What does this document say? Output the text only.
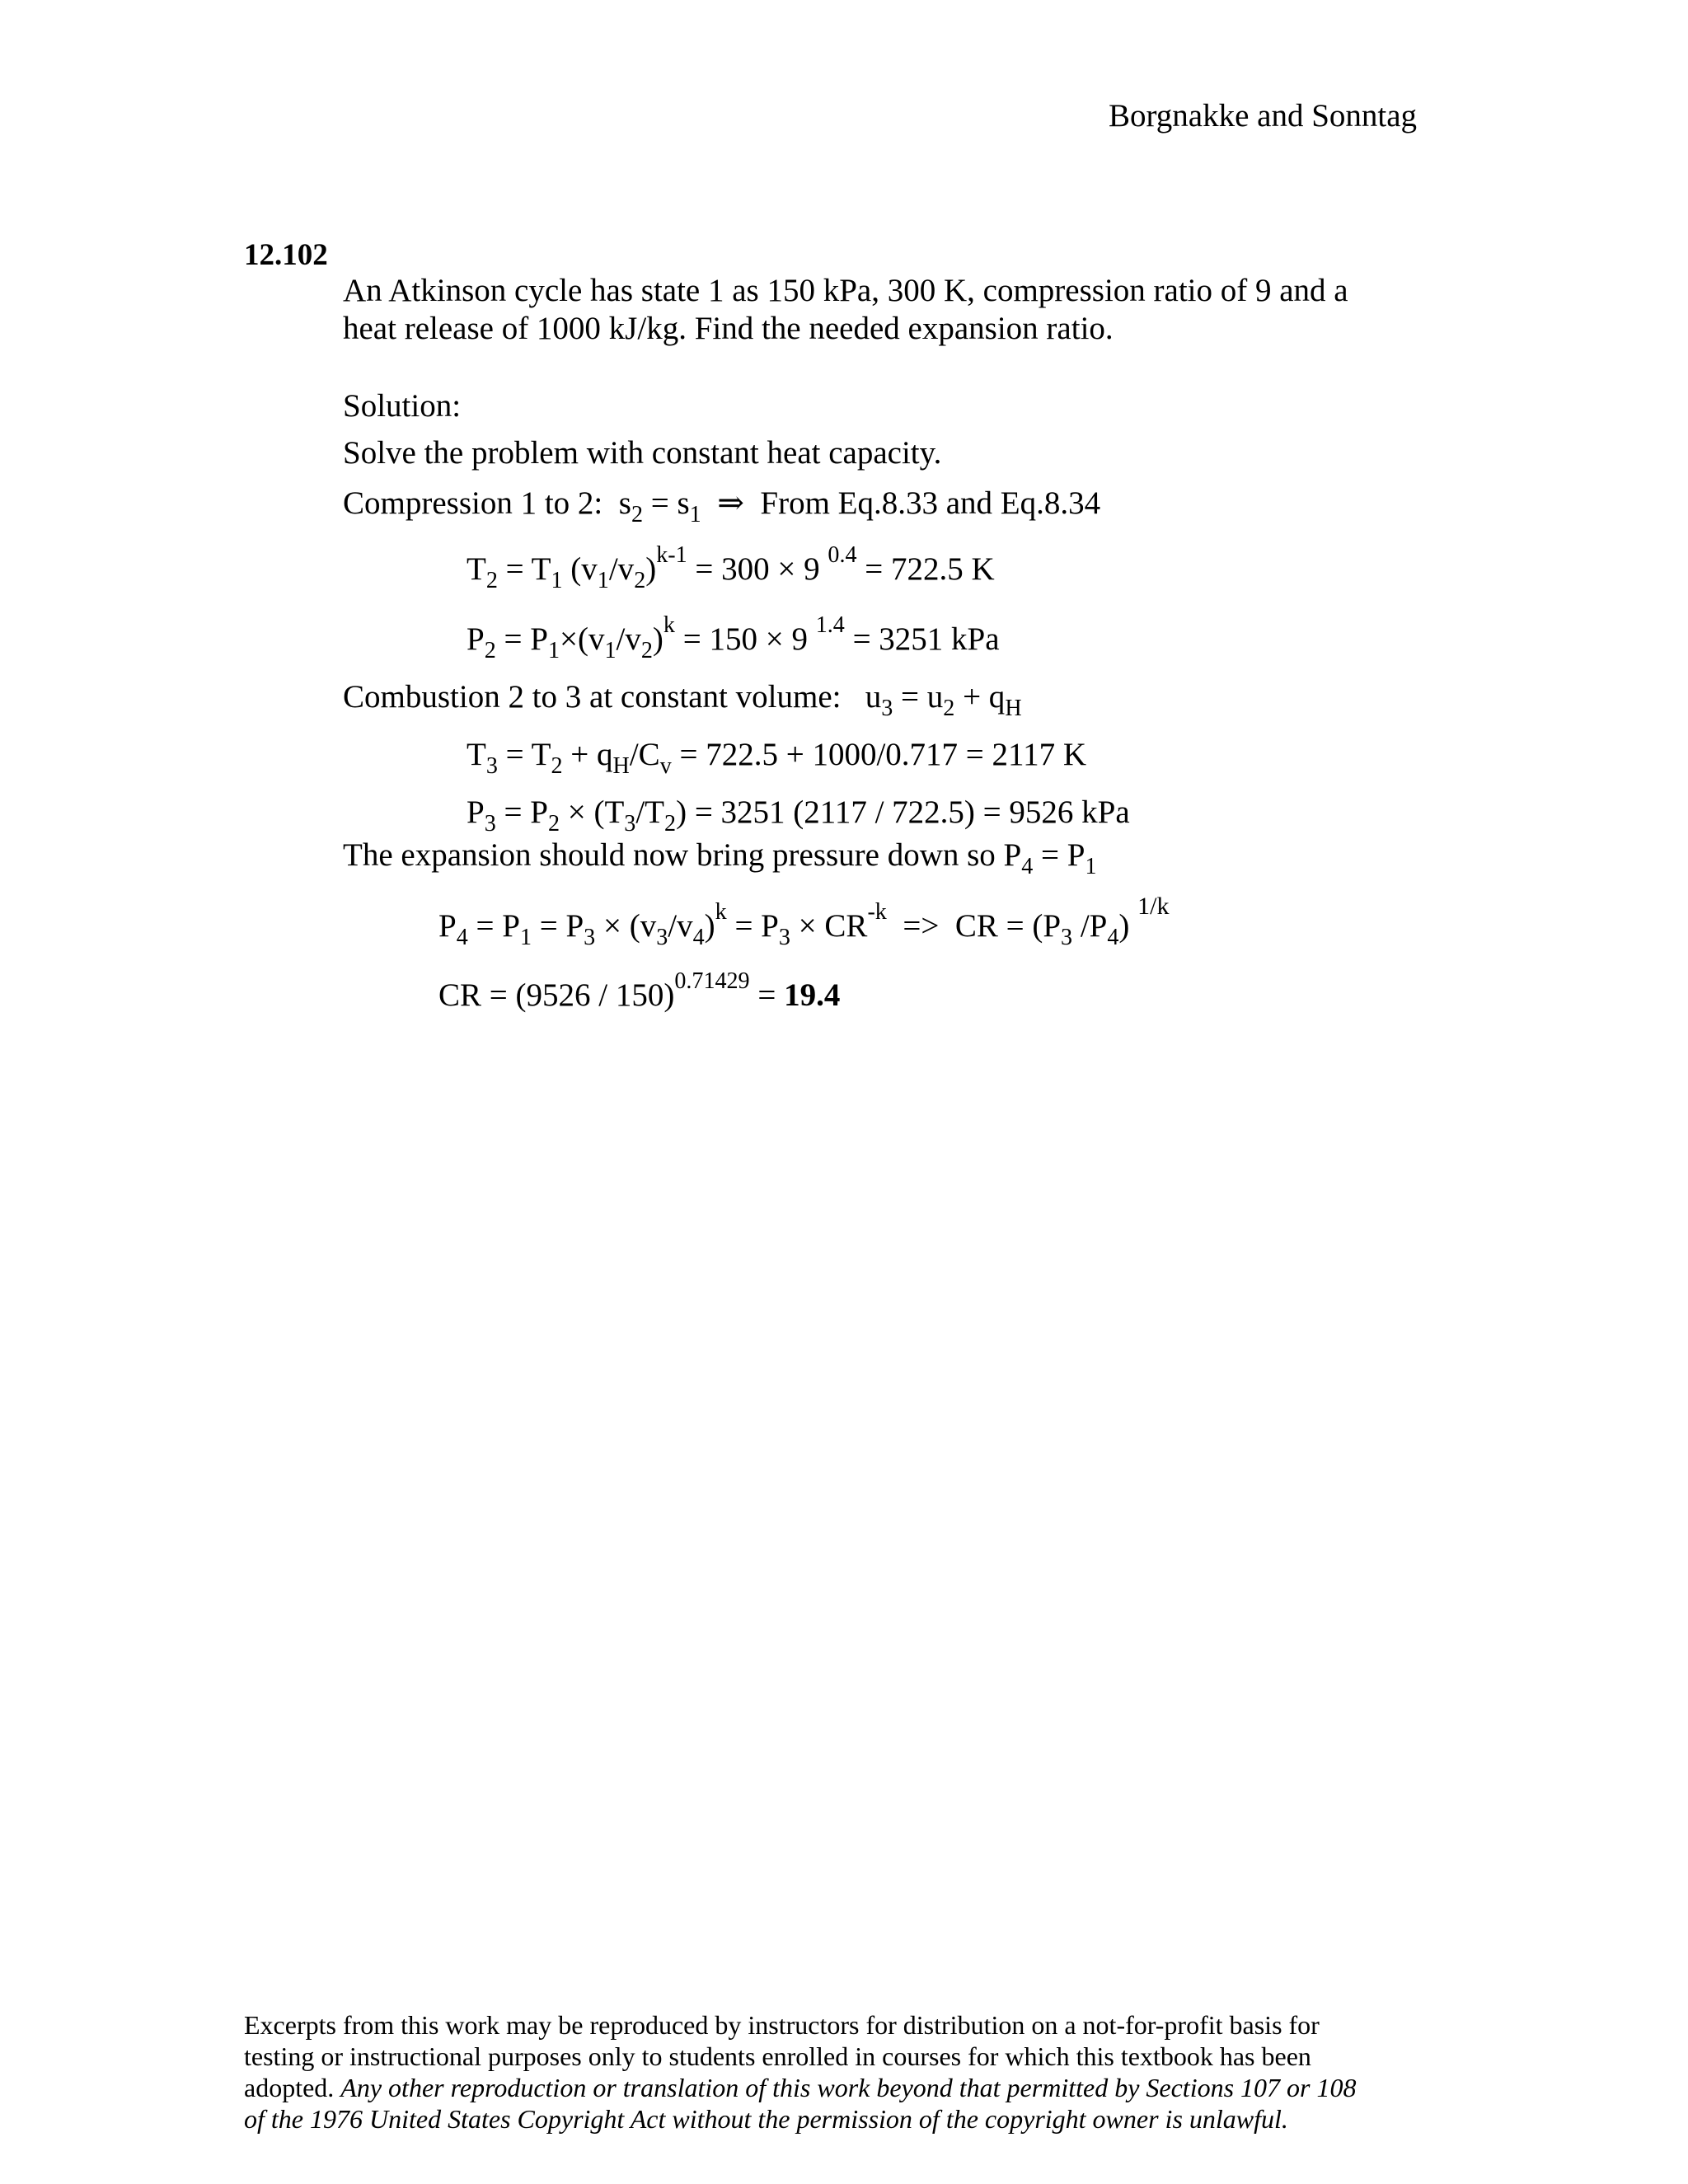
Borgnakke and Sonntag
12.102
An Atkinson cycle has state 1 as 150 kPa, 300 K, compression ratio of 9 and a
heat release of 1000 kJ/kg. Find the needed expansion ratio.
Solution:
Solve the problem with constant heat capacity.
Compression 1 to 2:  $s_2 = s_1$  ⇒  From Eq.8.33 and Eq.8.34
$T_2 = T_1$ $(v_1/v_2)^{k-1} = 300 \times 9$ $^{0.4}$ = 722.5 K
$P_2 = P_1\times(v_1/v_2)^k = 150 \times 9$ $^{1.4}$ = 3251 kPa
Combustion 2 to 3 at constant volume:   $u_3 = u_2 + q_H$
$T_3 = T_2 + q_H/C_v = 722.5 + 1000/0.717 = 2117$ K
$P_3 = P_2 \times (T_3/T_2) = 3251$ (2117 / 722.5) = 9526 kPa
The expansion should now bring pressure down so $P_4 = P_1$
$P_4 = P_1 = P_3 \times (v_3/v_4)^k = P_3 \times CR^{-k}$  =>  CR = ($P_3$ $/P_4$) $^{1/k}$
CR = (9526 / 150)$^{0.71429}$ = 19.4
Excerpts from this work may be reproduced by instructors for distribution on a not-for-profit basis for
testing or instructional purposes only to students enrolled in courses for which this textbook has been
adopted. Any other reproduction or translation of this work beyond that permitted by Sections 107 or 108
of the 1976 United States Copyright Act without the permission of the copyright owner is unlawful.
